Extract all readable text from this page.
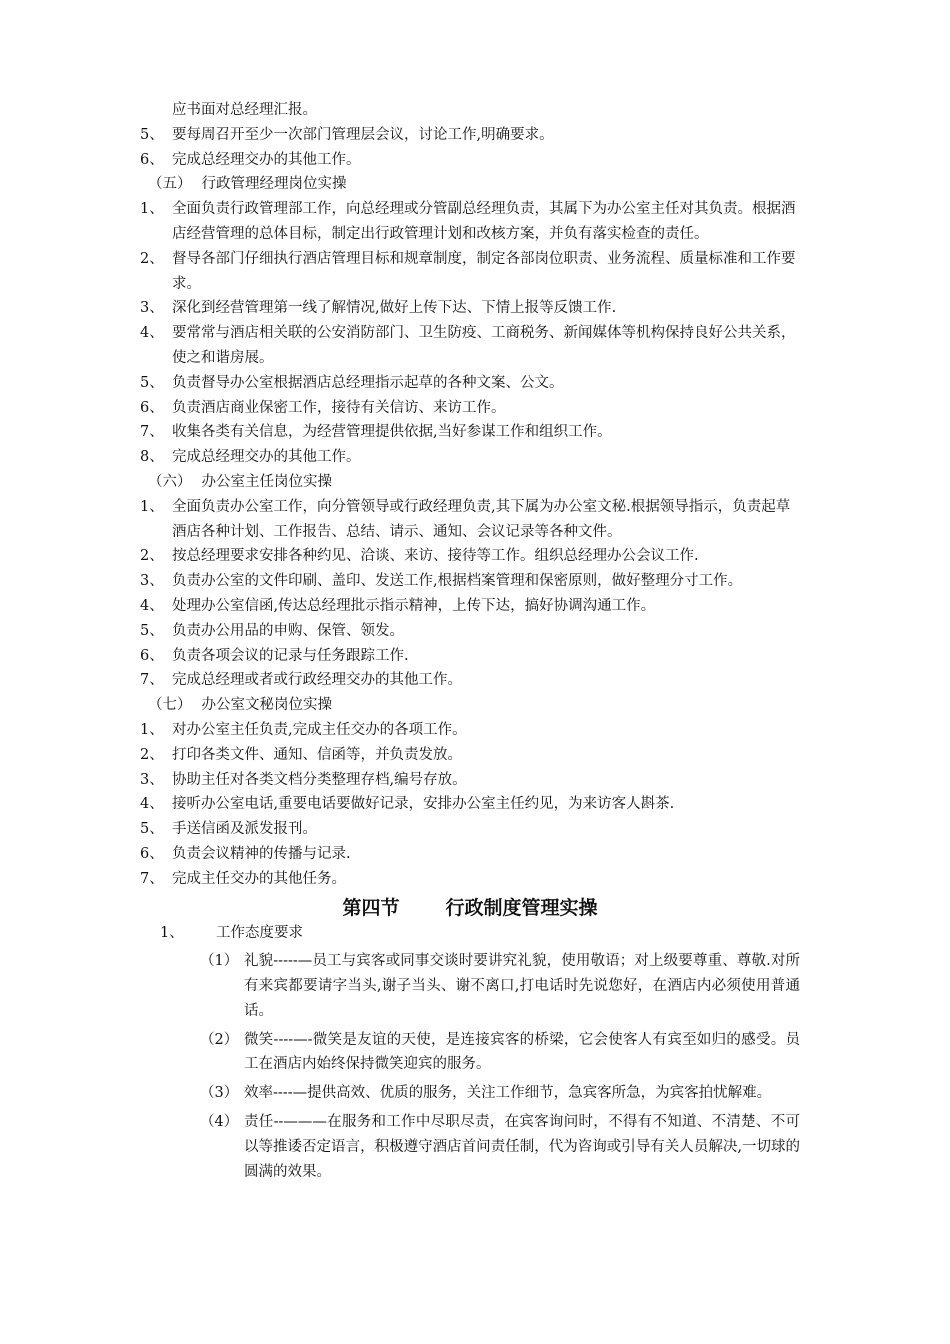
应书面对总经理汇报。
5、 要每周召开至少一次部门管理层会议，讨论工作,明确要求。
6、 完成总经理交办的其他工作。
（五） 行政管理经理岗位实操
1、 全面负责行政管理部工作，向总经理或分管副总经理负责，其属下为办公室主任对其负责。根据酒店经营管理的总体目标，制定出行政管理计划和改核方案，并负有落实检查的责任。
2、 督导各部门仔细执行酒店管理目标和规章制度，制定各部岗位职责、业务流程、质量标准和工作要求。
3、 深化到经营管理第一线了解情况,做好上传下达、下情上报等反馈工作.
4、 要常常与酒店相关联的公安消防部门、卫生防疫、工商税务、新闻媒体等机构保持良好公共关系，使之和谐房展。
5、 负责督导办公室根据酒店总经理指示起草的各种文案、公文。
6、 负责酒店商业保密工作，接待有关信访、来访工作。
7、 收集各类有关信息，为经营管理提供依据,当好参谋工作和组织工作。
8、 完成总经理交办的其他工作。
（六） 办公室主任岗位实操
1、 全面负责办公室工作，向分管领导或行政经理负责,其下属为办公室文秘.根据领导指示，负责起草酒店各种计划、工作报告、总结、请示、通知、会议记录等各种文件。
2、 按总经理要求安排各种约见、洽谈、来访、接待等工作。组织总经理办公会议工作.
3、 负责办公室的文件印刷、盖印、发送工作,根据档案管理和保密原则，做好整理分寸工作。
4、 处理办公室信函,传达总经理批示指示精神，上传下达，搞好协调沟通工作。
5、 负责办公用品的申购、保管、领发。
6、 负责各项会议的记录与任务跟踪工作.
7、 完成总经理或者或行政经理交办的其他工作。
（七） 办公室文秘岗位实操
1、 对办公室主任负责,完成主任交办的各项工作。
2、 打印各类文件、通知、信函等，并负责发放。
3、 协助主任对各类文档分类整理存档,编号存放。
4、 接听办公室电话,重要电话要做好记录，安排办公室主任约见，为来访客人斟茶.
5、 手送信函及派发报刊。
6、 负责会议精神的传播与记录.
7、 完成主任交办的其他任务。
第四节 行政制度管理实操
1、	工作态度要求
（1） 礼貌-----—员工与宾客或同事交谈时要讲究礼貌，使用敬语；对上级要尊重、尊敬.对所有来宾都要请字当头,谢子当头、谢不离口,打电话时先说您好，在酒店内必须使用普通话。
（2） 微笑----—-微笑是友谊的天使，是连接宾客的桥梁，它会使客人有宾至如归的感受。员工在酒店内始终保持微笑迎宾的服务。
（3） 效率----—提供高效、优质的服务，关注工作细节，急宾客所急，为宾客拍忧解难。
（4） 责任--———在服务和工作中尽职尽责，在宾客询问时，不得有不知道、不清楚、不可以等推诿否定语言，积极遵守酒店首问责任制，代为咨询或引导有关人员解决,一切球的圆满的效果。
